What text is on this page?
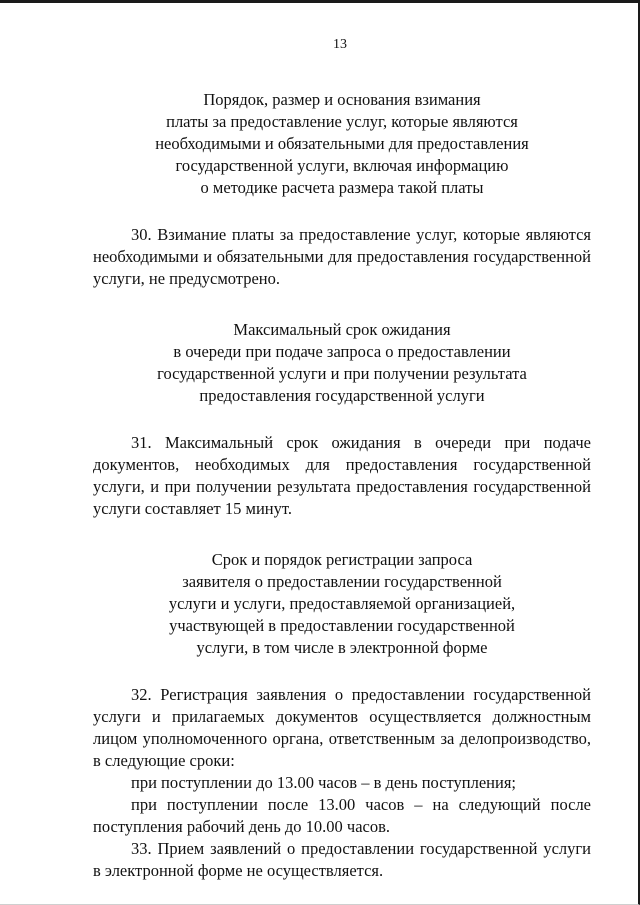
13
Порядок, размер и основания взимания
платы за предоставление услуг, которые являются
необходимыми и обязательными для предоставления
государственной услуги, включая информацию
о методике расчета размера такой платы

30. Взимание платы за предоставление услуг, которые являются необходимыми и обязательными для предоставления государственной услуги, не предусмотрено.

Максимальный срок ожидания
в очереди при подаче запроса о предоставлении
государственной услуги и при получении результата
предоставления государственной услуги

31. Максимальный срок ожидания в очереди при подаче документов, необходимых для предоставления государственной услуги, и при получении результата предоставления государственной услуги составляет 15 минут.

Срок и порядок регистрации запроса
заявителя о предоставлении государственной
услуги и услуги, предоставляемой организацией,
участвующей в предоставлении государственной
услуги, в том числе в электронной форме

32. Регистрация заявления о предоставлении государственной услуги и прилагаемых документов осуществляется должностным лицом уполномоченного органа, ответственным за делопроизводство, в следующие сроки:

при поступлении до 13.00 часов – в день поступления;

при поступлении после 13.00 часов – на следующий после поступления рабочий день до 10.00 часов.

33. Прием заявлений о предоставлении государственной услуги в электронной форме не осуществляется.
